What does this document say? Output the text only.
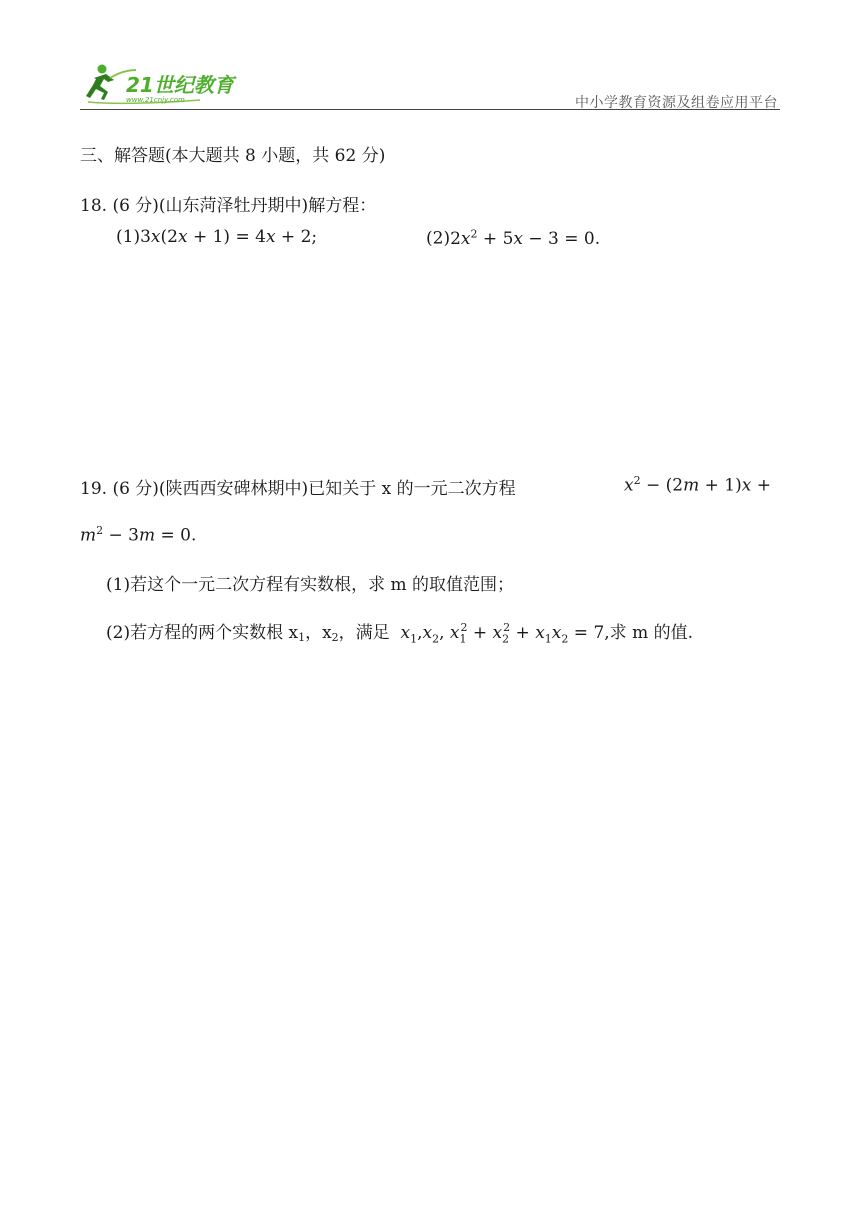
21世纪教育
www.21cnjy.com	中小学教育资源及组卷应用平台
三、解答题(本大题共 8 小题，共 62 分)
18. (6 分)(山东菏泽牡丹期中)解方程：
(1)3x(2x + 1) = 4x + 2;	$(2)2x^2 + 5x - 3 = 0$.
19. (6 分)(陕西西安碑林期中)已知关于 x 的一元二次方程	$x^2 - (2m + 1)x$ +
$m^2 - 3m = 0$.
(1)若这个一元二次方程有实数根，求 m 的取值范围；
(2)若方程的两个实数根 x1，x2，满足 $x_1,x_2$, $x_1^2 + x_2^2 + x_1x_2 = 7$,求 m 的值.
